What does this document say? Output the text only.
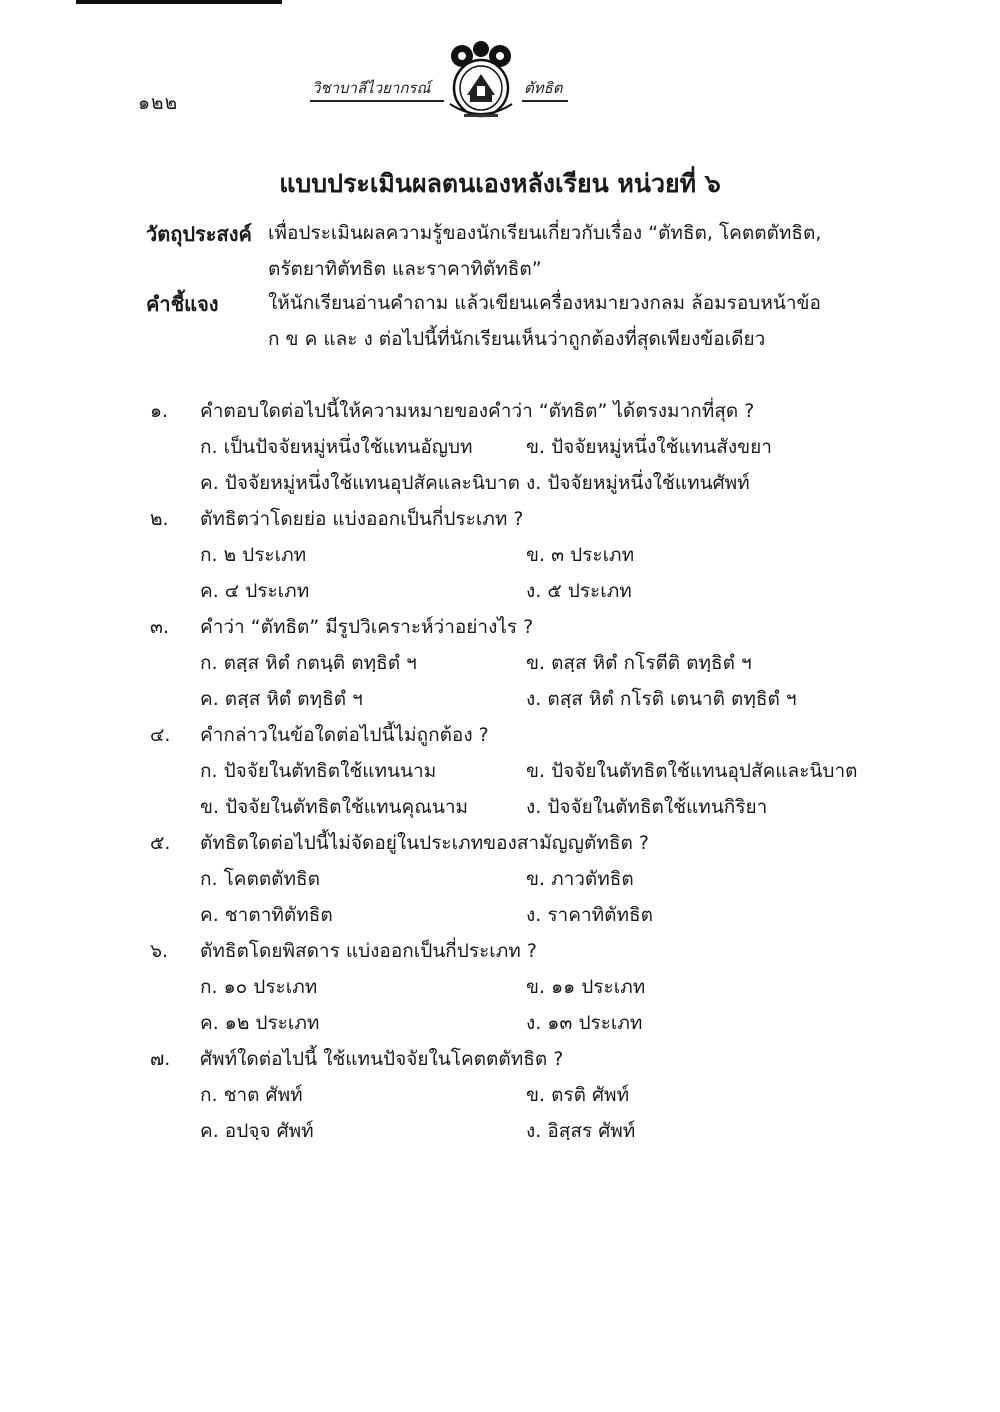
๑๒๒
วิชาบาลีไวยากรณ์	ตัทธิต
แบบประเมินผลตนเองหลังเรียน หน่วยที่ ๖
วัตถุประสงค์ เพื่อประเมินผลความรู้ของนักเรียนเกี่ยวกับเรื่อง “ตัทธิต, โคตตตัทธิต,
ตรัตยาทิตัทธิต และราคาทิตัทธิต”
คำชี้แจง	ให้นักเรียนอ่านคำถาม แล้วเขียนเครื่องหมายวงกลม ล้อมรอบหน้าข้อ
ก ข ค และ ง ต่อไปนี้ที่นักเรียนเห็นว่าถูกต้องที่สุดเพียงข้อเดียว
๑. คำตอบใดต่อไปนี้ให้ความหมายของคำว่า “ตัทธิต” ได้ตรงมากที่สุด ?
ก. เป็นปัจจัยหมู่หนึ่งใช้แทนอัญบท	ข. ปัจจัยหมู่หนึ่งใช้แทนสังขยา
ค. ปัจจัยหมู่หนึ่งใช้แทนอุปสัคและนิบาต ง. ปัจจัยหมู่หนึ่งใช้แทนศัพท์
๒. ตัทธิตว่าโดยย่อ แบ่งออกเป็นกี่ประเภท ?
ก. ๒ ประเภท	ข. ๓ ประเภท
ค. ๔ ประเภท	ง. ๕ ประเภท
๓. คำว่า “ตัทธิต” มีรูปวิเคราะห์ว่าอย่างไร ?
ก. ตสฺส หิตํ กตนฺติ ตทฺธิตํ ฯ	ข. ตสฺส หิตํ กโรตีติ ตทฺธิตํ ฯ
ค. ตสฺส หิตํ ตทฺธิตํ ฯ	ง. ตสฺส หิตํ กโรติ เตนาติ ตทฺธิตํ ฯ
๔. คำกล่าวในข้อใดต่อไปนี้ไม่ถูกต้อง ?
ก. ปัจจัยในตัทธิตใช้แทนนาม	ข. ปัจจัยในตัทธิตใช้แทนอุปสัคและนิบาต
ข. ปัจจัยในตัทธิตใช้แทนคุณนาม	ง. ปัจจัยในตัทธิตใช้แทนกิริยา
๕. ตัทธิตใดต่อไปนี้ไม่จัดอยู่ในประเภทของสามัญญตัทธิต ?
ก. โคตตตัทธิต	ข. ภาวตัทธิต
ค. ชาตาทิตัทธิต	ง. ราคาทิตัทธิต
๖. ตัทธิตโดยพิสดาร แบ่งออกเป็นกี่ประเภท ?
ก. ๑๐ ประเภท	ข. ๑๑ ประเภท
ค. ๑๒ ประเภท	ง. ๑๓ ประเภท
๗. ศัพท์ใดต่อไปนี้ ใช้แทนปัจจัยในโคตตตัทธิต ?
ก. ชาต ศัพท์	ข. ตรติ ศัพท์
ค. อปจฺจ ศัพท์	ง. อิสฺสร ศัพท์
